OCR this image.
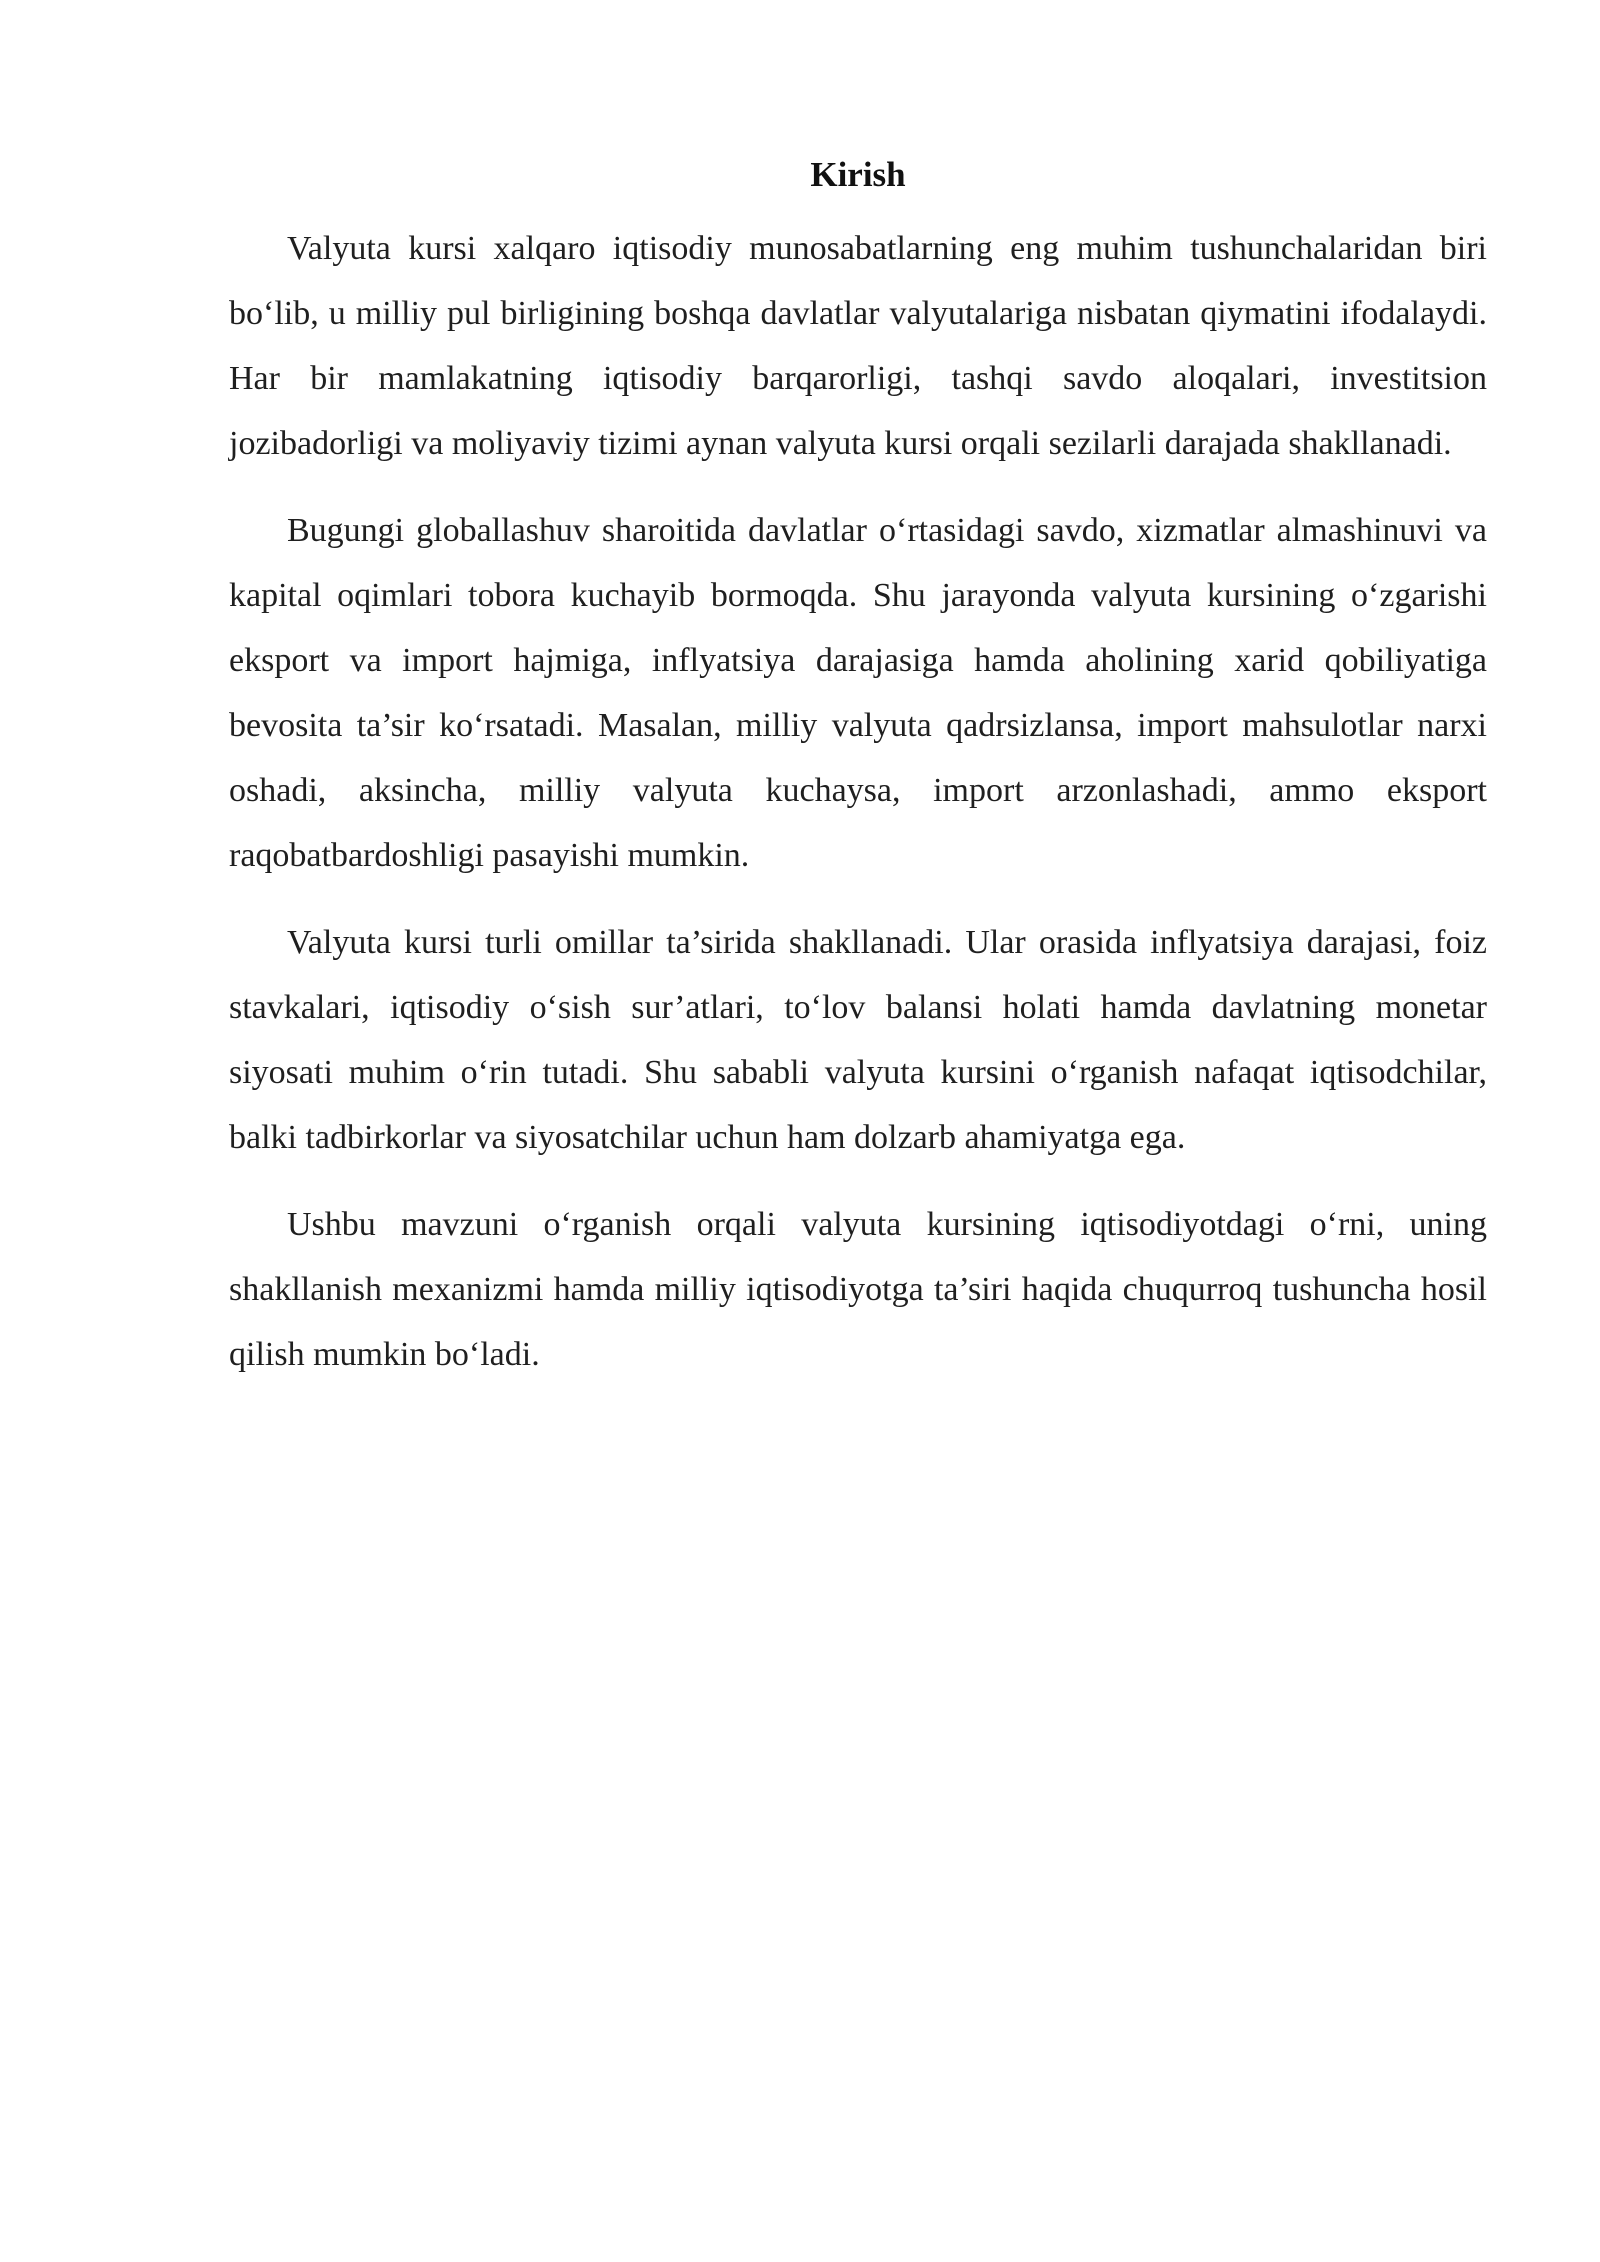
Kirish

Valyuta kursi xalqaro iqtisodiy munosabatlarning eng muhim tushunchalaridan biri bo‘lib, u milliy pul birligining boshqa davlatlar valyutalariga nisbatan qiymatini ifodalaydi. Har bir mamlakatning iqtisodiy barqarorligi, tashqi savdo aloqalari, investitsion jozibadorligi va moliyaviy tizimi aynan valyuta kursi orqali sezilarli darajada shakllanadi.

Bugungi globallashuv sharoitida davlatlar o‘rtasidagi savdo, xizmatlar almashinuvi va kapital oqimlari tobora kuchayib bormoqda. Shu jarayonda valyuta kursining o‘zgarishi eksport va import hajmiga, inflyatsiya darajasiga hamda aholining xarid qobiliyatiga bevosita ta’sir ko‘rsatadi. Masalan, milliy valyuta qadrsizlansa, import mahsulotlar narxi oshadi, aksincha, milliy valyuta kuchaysa, import arzonlashadi, ammo eksport raqobatbardoshligi pasayishi mumkin.

Valyuta kursi turli omillar ta’sirida shakllanadi. Ular orasida inflyatsiya darajasi, foiz stavkalari, iqtisodiy o‘sish sur’atlari, to‘lov balansi holati hamda davlatning monetar siyosati muhim o‘rin tutadi. Shu sababli valyuta kursini o‘rganish nafaqat iqtisodchilar, balki tadbirkorlar va siyosatchilar uchun ham dolzarb ahamiyatga ega.

Ushbu mavzuni o‘rganish orqali valyuta kursining iqtisodiyotdagi o‘rni, uning shakllanish mexanizmi hamda milliy iqtisodiyotga ta’siri haqida chuqurroq tushuncha hosil qilish mumkin bo‘ladi.
